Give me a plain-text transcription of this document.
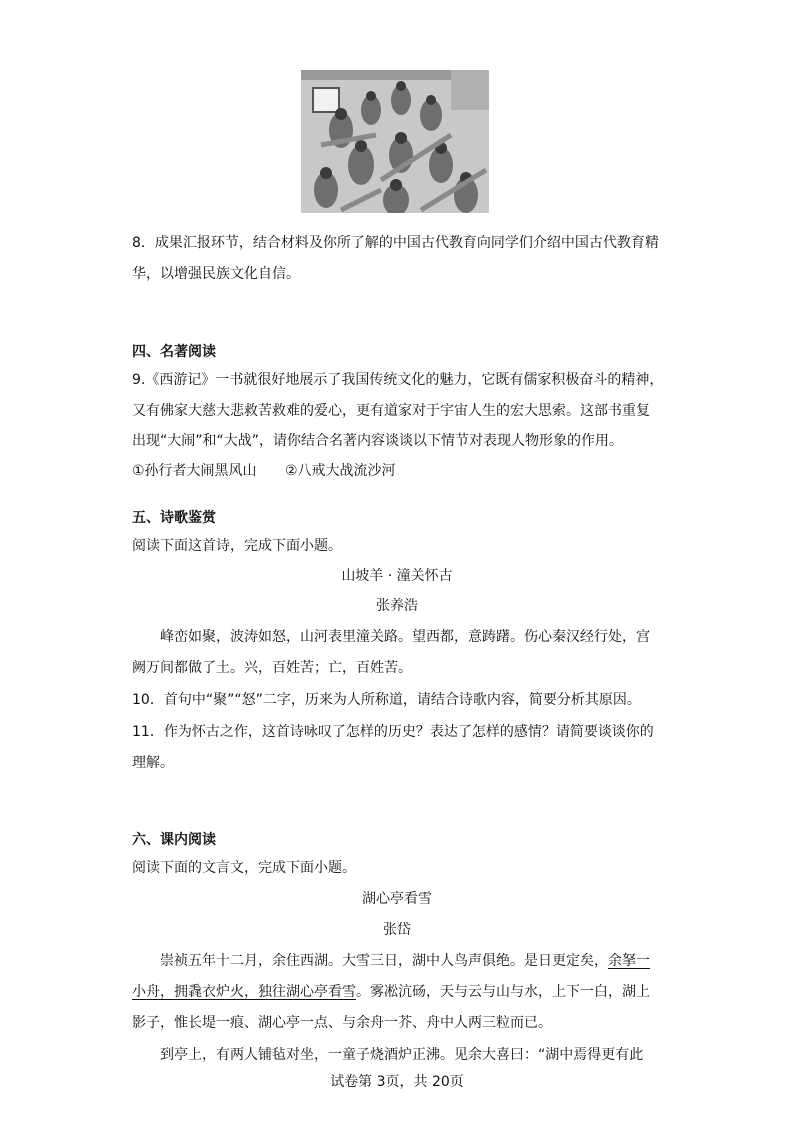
8．成果汇报环节，结合材料及你所了解的中国古代教育向同学们介绍中国古代教育精
华，以增强民族文化自信。
四、名著阅读
9.《西游记》一书就很好地展示了我国传统文化的魅力，它既有儒家积极奋斗的精神，
又有佛家大慈大悲救苦救难的爱心，更有道家对于宇宙人生的宏大思索。这部书重复
出现“大闹”和“大战”，请你结合名著内容谈谈以下情节对表现人物形象的作用。
①孙行者大闹黑风山 ②八戒大战流沙河
五、诗歌鉴赏
阅读下面这首诗，完成下面小题。
山坡羊 · 潼关怀古
张养浩
峰峦如聚，波涛如怒，山河表里潼关路。望西都，意踌躇。伤心秦汉经行处，宫
阙万间都做了土。兴，百姓苦；亡，百姓苦。
10．首句中“聚”“怒”二字，历来为人所称道，请结合诗歌内容，简要分析其原因。
11．作为怀古之作，这首诗咏叹了怎样的历史？表达了怎样的感情？请简要谈谈你的
理解。
六、课内阅读
阅读下面的文言文，完成下面小题。
湖心亭看雪
张岱
崇祯五年十二月，余住西湖。大雪三日，湖中人鸟声俱绝。是日更定矣，余拏一
小舟，拥毳衣炉火，独往湖心亭看雪。雾凇沆砀，天与云与山与水，上下一白，湖上
影子，惟长堤一痕、湖心亭一点、与余舟一芥、舟中人两三粒而已。
到亭上，有两人铺毡对坐，一童子烧酒炉正沸。见余大喜曰：“湖中焉得更有此
试卷第 3页，共 20页
